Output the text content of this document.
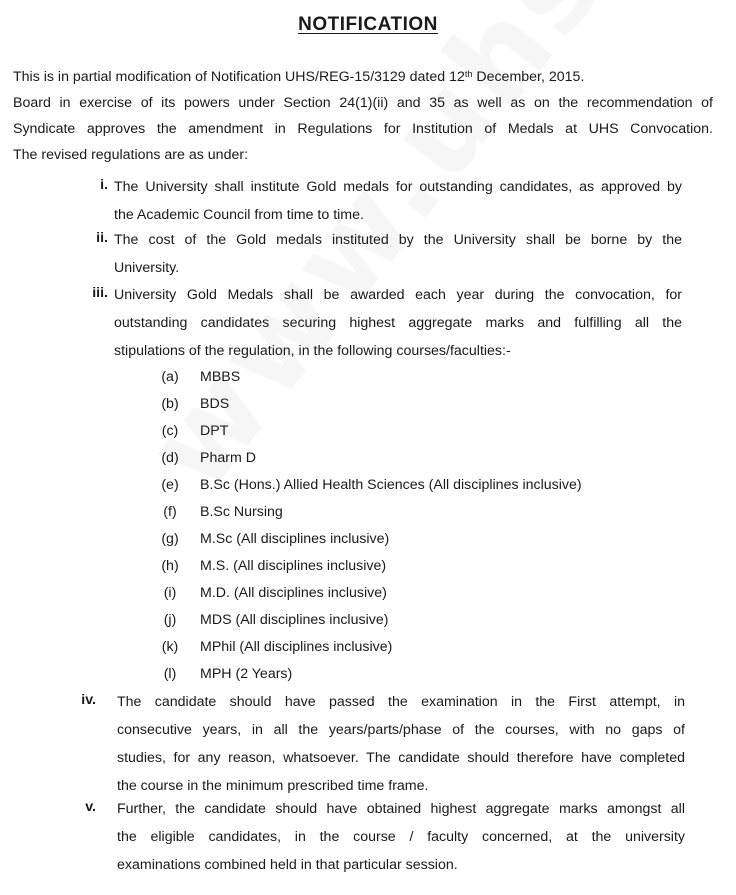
NOTIFICATION
This is in partial modification of Notification UHS/REG-15/3129 dated 12th December, 2015.
Board in exercise of its powers under Section 24(1)(ii) and 35 as well as on the recommendation of
Syndicate approves the amendment in Regulations for Institution of Medals at UHS Convocation.
The revised regulations are as under:
i. The University shall institute Gold medals for outstanding candidates, as approved by
the Academic Council from time to time.
ii. The cost of the Gold medals instituted by the University shall be borne by the
University.
iii. University Gold Medals shall be awarded each year during the convocation, for
outstanding candidates securing highest aggregate marks and fulfilling all the
stipulations of the regulation, in the following courses/faculties:-
(a)	MBBS
(b)	BDS
(c)	DPT
(d)	Pharm D
(e)	B.Sc (Hons.) Allied Health Sciences (All disciplines inclusive)
(f)	B.Sc Nursing
(g)	M.Sc (All disciplines inclusive)
(h)	M.S. (All disciplines inclusive)
(i)	M.D. (All disciplines inclusive)
(j)	MDS (All disciplines inclusive)
(k)	MPhil (All disciplines inclusive)
(l)	MPH (2 Years)
iv. The candidate should have passed the examination in the First attempt, in
consecutive years, in all the years/parts/phase of the courses, with no gaps of
studies, for any reason, whatsoever. The candidate should therefore have completed
the course in the minimum prescribed time frame.
v. Further, the candidate should have obtained highest aggregate marks amongst all
the eligible candidates, in the course / faculty concerned, at the university
examinations combined held in that particular session.
